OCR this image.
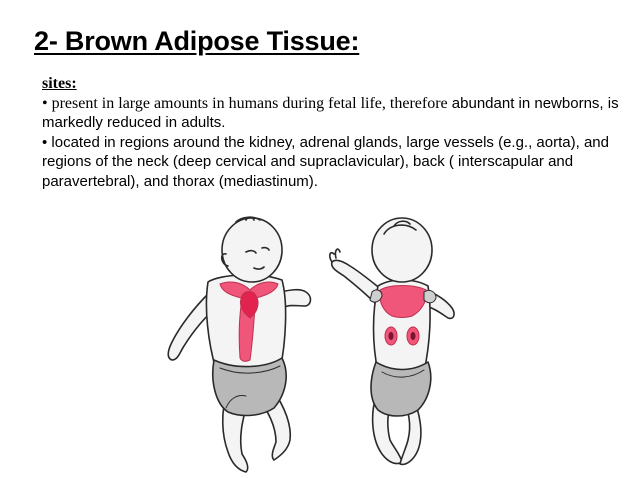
2- Brown Adipose Tissue:
sites:
• present in large amounts in humans during fetal life, therefore abundant in newborns, is markedly reduced in adults.
• located in regions around the kidney, adrenal glands, large vessels (e.g., aorta), and regions of the neck (deep cervical and supraclavicular), back ( interscapular and paravertebral), and thorax (mediastinum).
